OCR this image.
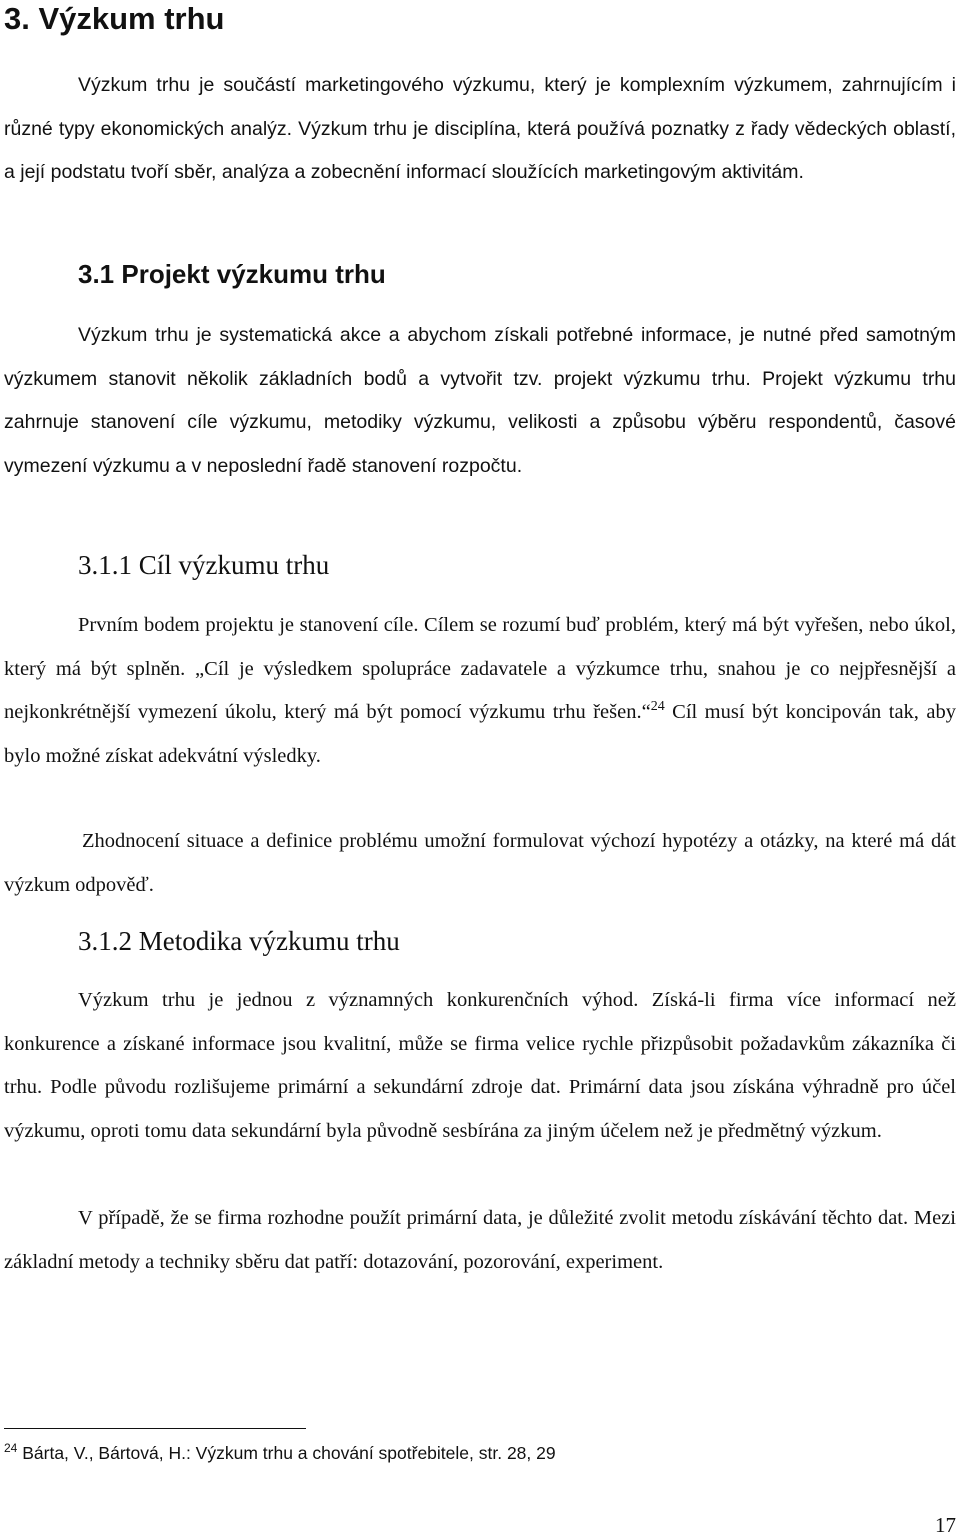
3. Výzkum trhu

Výzkum trhu je součástí marketingového výzkumu, který je komplexním výzkumem, zahrnujícím i různé typy ekonomických analýz. Výzkum trhu je disciplína, která používá poznatky z řady vědeckých oblastí, a její podstatu tvoří sběr, analýza a zobecnění informací sloužících marketingovým aktivitám.

3.1 Projekt výzkumu trhu

Výzkum trhu je systematická akce a abychom získali potřebné informace, je nutné před samotným výzkumem stanovit několik základních bodů a vytvořit tzv. projekt výzkumu trhu. Projekt výzkumu trhu zahrnuje stanovení cíle výzkumu, metodiky výzkumu, velikosti a způsobu výběru respondentů, časové vymezení výzkumu a v neposlední řadě stanovení rozpočtu.

3.1.1 Cíl výzkumu trhu

Prvním bodem projektu je stanovení cíle. Cílem se rozumí buď problém, který má být vyřešen, nebo úkol, který má být splněn. „Cíl je výsledkem spolupráce zadavatele a výzkumce trhu, snahou je co nejpřesnější a nejkonkrétnější vymezení úkolu, který má být pomocí výzkumu trhu řešen.“$^{24}$ Cíl musí být koncipován tak, aby bylo možné získat adekvátní výsledky.

Zhodnocení situace a definice problému umožní formulovat výchozí hypotézy a otázky, na které má dát výzkum odpověď.

3.1.2 Metodika výzkumu trhu

Výzkum trhu je jednou z významných konkurenčních výhod. Získá-li firma více informací než konkurence a získané informace jsou kvalitní, může se firma velice rychle přizpůsobit požadavkům zákazníka či trhu. Podle původu rozlišujeme primární a sekundární zdroje dat. Primární data jsou získána výhradně pro účel výzkumu, oproti tomu data sekundární byla původně sesbírána za jiným účelem než je předmětný výzkum.

V případě, že se firma rozhodne použít primární data, je důležité zvolit metodu získávání těchto dat. Mezi základní metody a techniky sběru dat patří: dotazování, pozorování, experiment.

$^{24}$ Bárta, V., Bártová, H.: Výzkum trhu a chování spotřebitele, str. 28, 29

17
